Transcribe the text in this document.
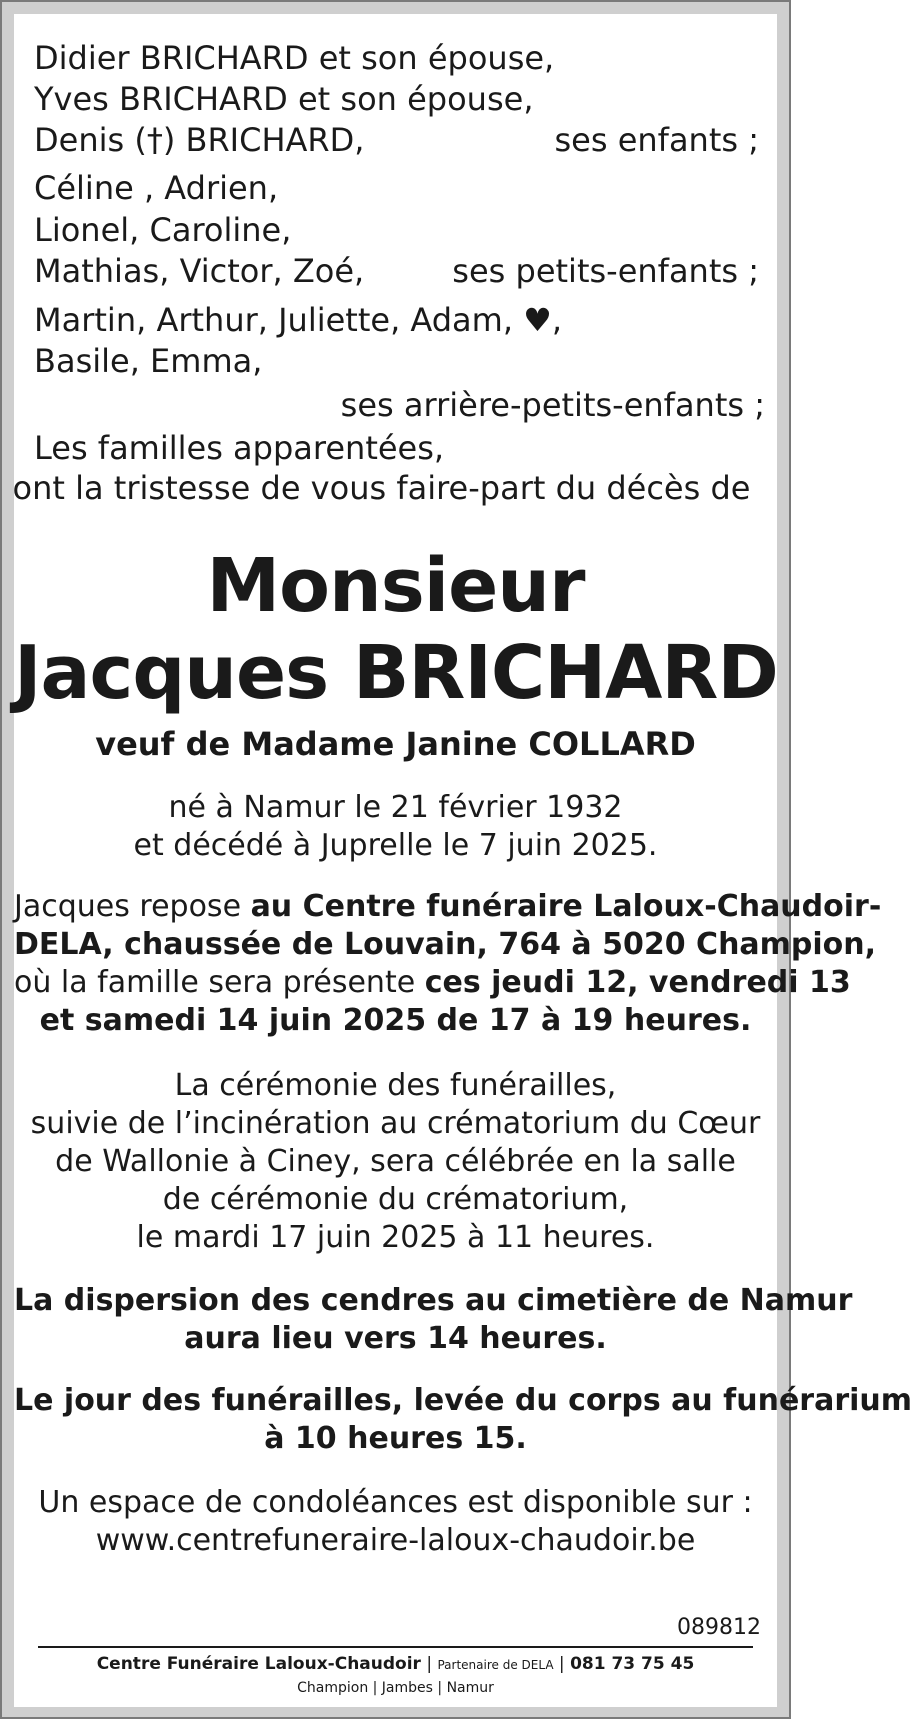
Didier BRICHARD et son épouse,
Yves BRICHARD et son épouse,
Denis (†) BRICHARD,	ses enfants ;
Céline , Adrien,
Lionel, Caroline,
Mathias, Victor, Zoé,	ses petits-enfants ;
Martin, Arthur, Juliette, Adam, ♥,
Basile, Emma,
ses arrière-petits-enfants ;
Les familles apparentées,
ont la tristesse de vous faire-part du décès de
Monsieur
Jacques BRICHARD
veuf de Madame Janine COLLARD
né à Namur le 21 février 1932
et décédé à Juprelle le 7 juin 2025.
Jacques repose au Centre funéraire Laloux-Chaudoir-
DELA, chaussée de Louvain, 764 à 5020 Champion,
où la famille sera présente ces jeudi 12, vendredi 13
et samedi 14 juin 2025 de 17 à 19 heures.
La cérémonie des funérailles,
suivie de l’incinération au crématorium du Cœur
de Wallonie à Ciney, sera célébrée en la salle
de cérémonie du crématorium,
le mardi 17 juin 2025 à 11 heures.
La dispersion des cendres au cimetière de Namur
aura lieu vers 14 heures.
Le jour des funérailles, levée du corps au funérarium
à 10 heures 15.
Un espace de condoléances est disponible sur :
www.centrefuneraire-laloux-chaudoir.be
089812
Centre Funéraire Laloux-Chaudoir | Partenaire de DELA | 081 73 75 45
Champion | Jambes | Namur
